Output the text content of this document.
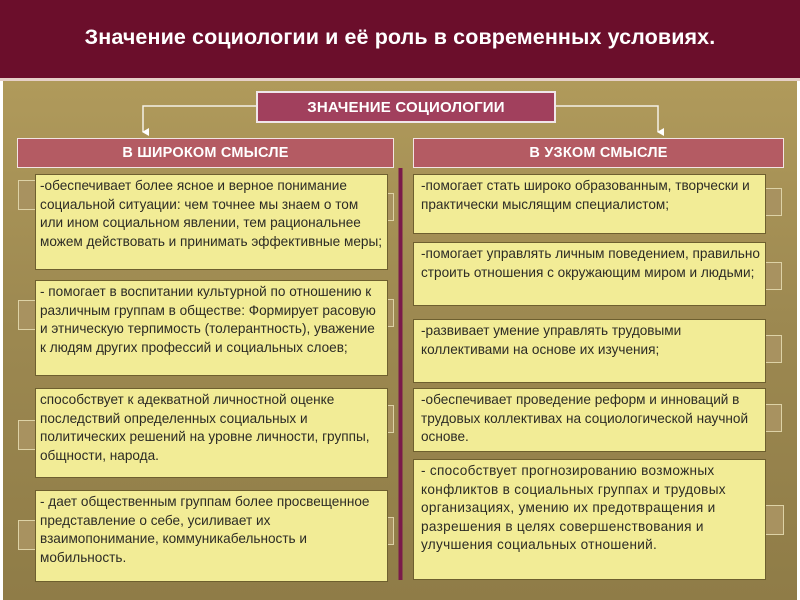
Значение социологии и её роль в современных условиях.
ЗНАЧЕНИЕ СОЦИОЛОГИИ
В ШИРОКОМ СМЫСЛЕ	В УЗКОМ СМЫСЛЕ
-обеспечивает более ясное и верное понимание социальной ситуации: чем точнее мы знаем о том или ином социальном явлении, тем рациональнее можем действовать и принимать эффективные меры;
- помогает в воспитании культурной по отношению к различным группам в обществе: Формирует расовую и этническую терпимость (толерантность), уважение к людям других профессий и социальных слоев;
способствует к адекватной личностной оценке последствий определенных социальных и политических решений на уровне личности, группы, общности, народа.
- дает общественным группам более просвещенное представление о себе, усиливает их взаимопонимание, коммуникабельность и мобильность.
-помогает стать широко образованным, творчески и практически мыслящим специалистом;
-помогает управлять личным поведением, правильно строить отношения с окружающим миром и людьми;
-развивает умение управлять трудовыми коллективами на основе их изучения;
-обеспечивает проведение реформ и инноваций в трудовых коллективах на социологической научной основе.
- способствует прогнозированию возможных конфликтов в социальных группах и трудовых организациях, умению их предотвращения и разрешения в целях совершенствования и улучшения социальных отношений.
